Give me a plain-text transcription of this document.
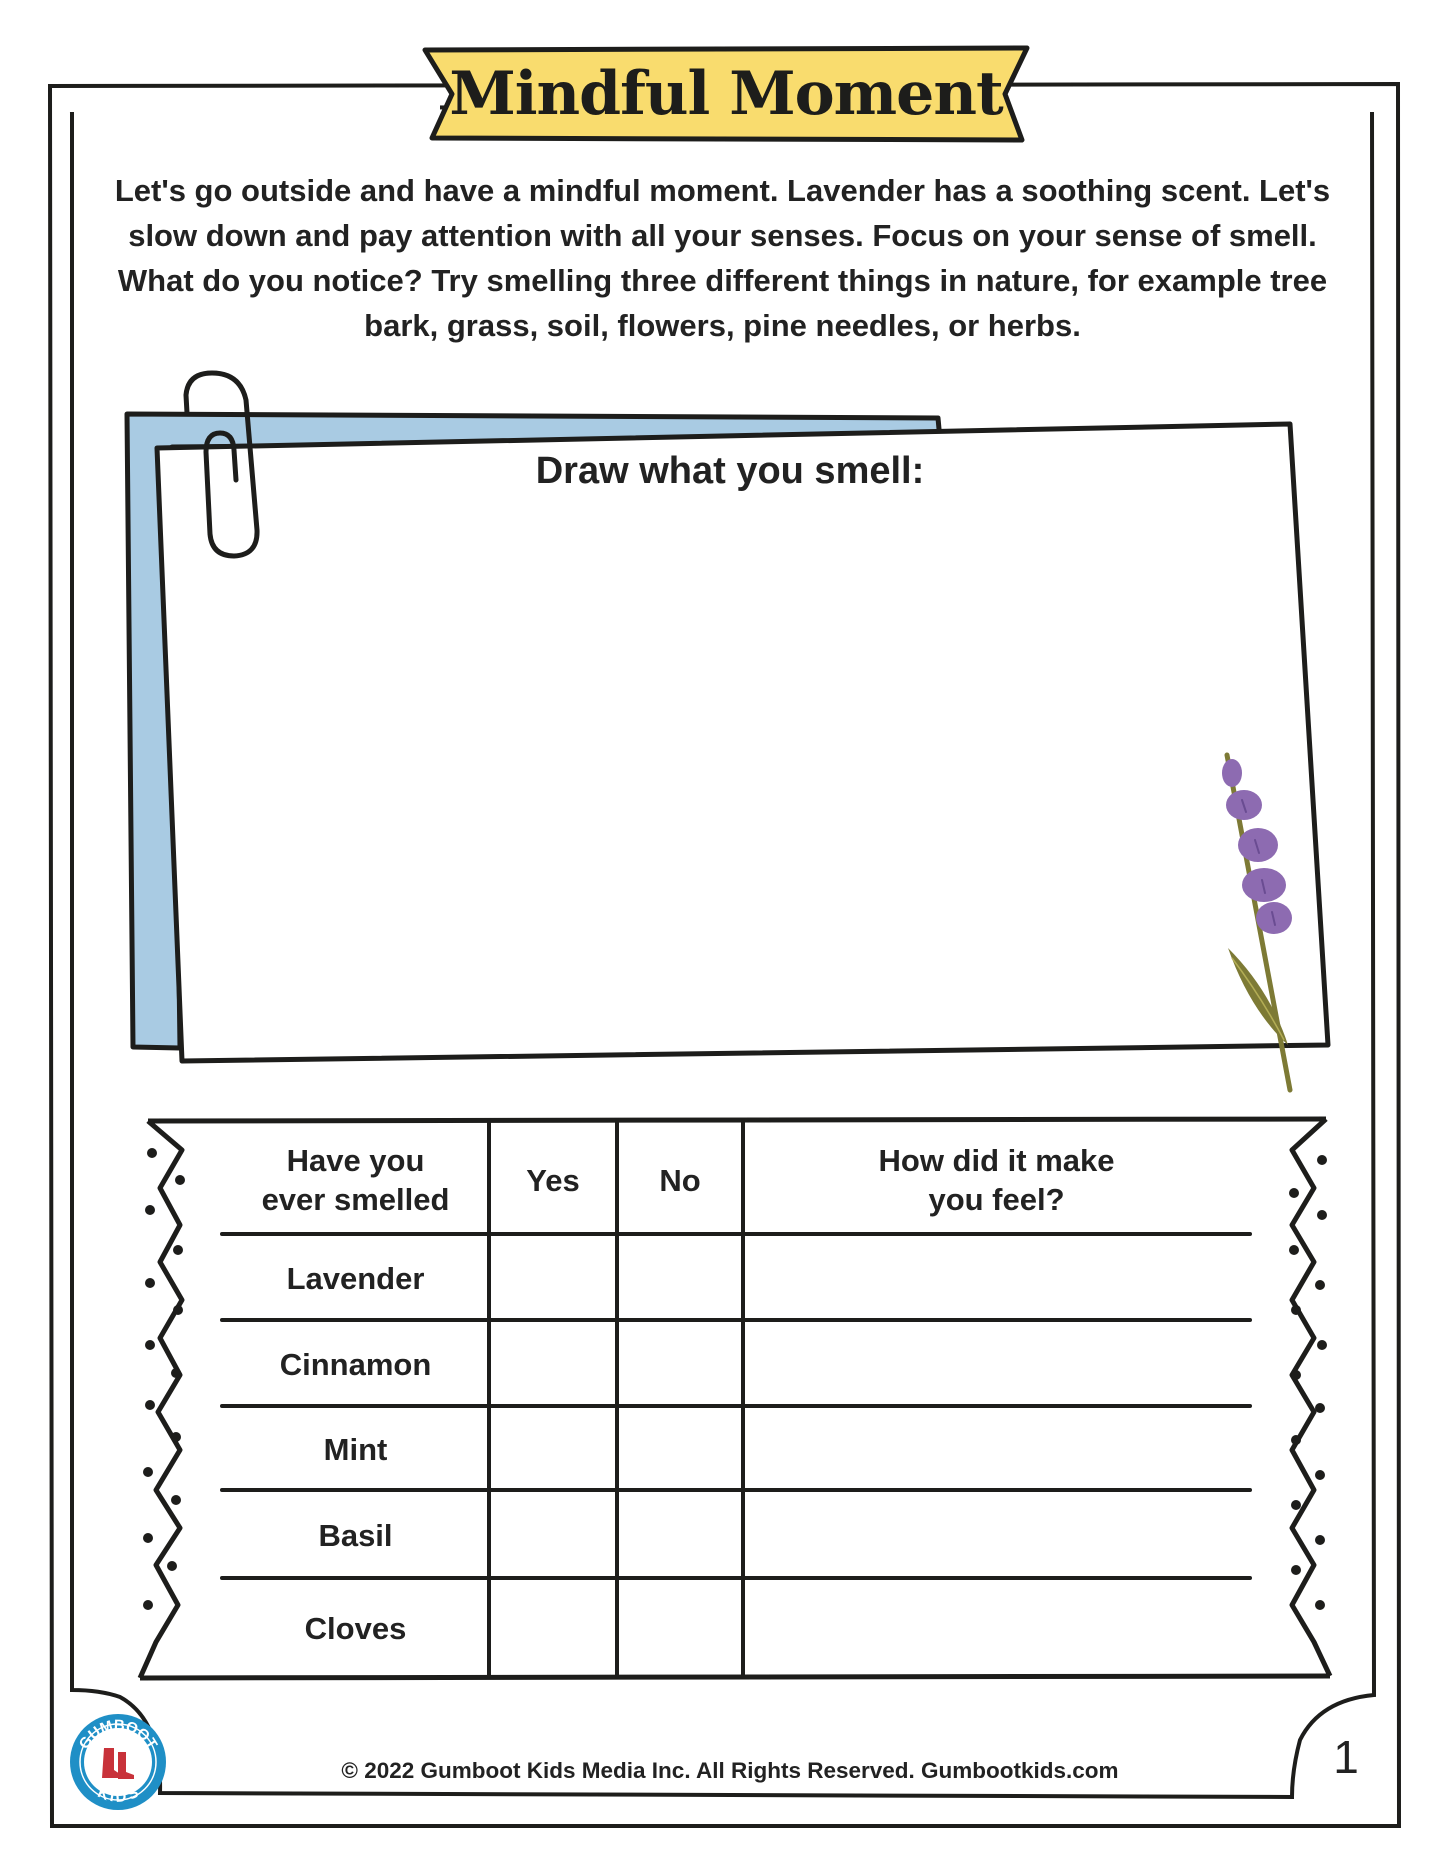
Mindful Moment
Let's go outside and have a mindful moment. Lavender has a soothing scent. Let's slow down and pay attention with all your senses. Focus on your sense of smell. What do you notice? Try smelling three different things in nature, for example tree bark, grass, soil, flowers, pine needles, or herbs.
Draw what you smell:
Have you ever smelled
Yes	No
How did it make you feel?
Lavender
Cinnamon
Mint
Basil
Cloves
GUMBOOT
KIDS
© 2022 Gumboot Kids Media Inc. All Rights Reserved. Gumbootkids.com	1
